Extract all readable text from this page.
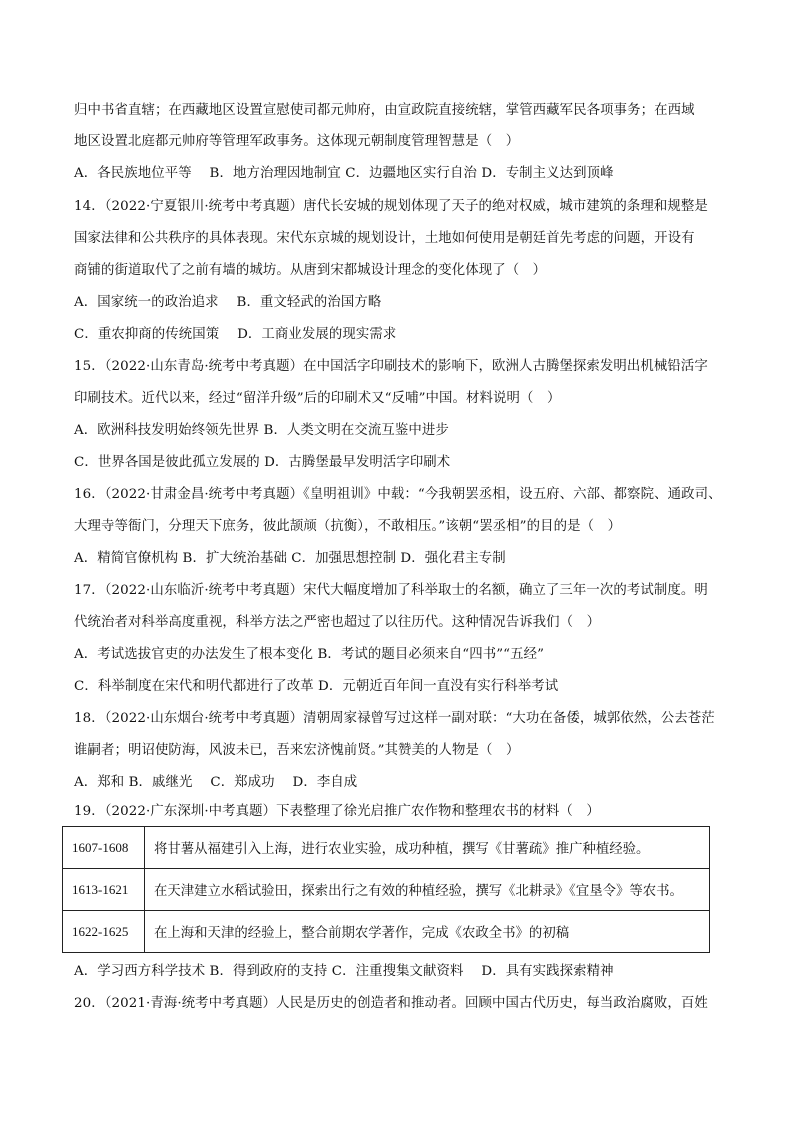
归中书省直辖；在西藏地区设置宣慰使司都元帅府，由宣政院直接统辖，掌管西藏军民各项事务；在西域
地区设置北庭都元帅府等管理军政事务。这体现元朝制度管理智慧是（　）
A．各民族地位平等　 B．地方治理因地制宜 C．边疆地区实行自治 D．专制主义达到顶峰
14．（2022·宁夏银川·统考中考真题）唐代长安城的规划体现了天子的绝对权威，城市建筑的条理和规整是
国家法律和公共秩序的具体表现。宋代东京城的规划设计，土地如何使用是朝廷首先考虑的问题，开设有
商铺的街道取代了之前有墙的城坊。从唐到宋都城设计理念的变化体现了（　）
A．国家统一的政治追求　 B．重文轻武的治国方略
C．重农抑商的传统国策　 D．工商业发展的现实需求
15．（2022·山东青岛·统考中考真题）在中国活字印刷技术的影响下，欧洲人古腾堡探索发明出机械铅活字
印刷技术。近代以来，经过“留洋升级”后的印刷术又“反哺”中国。材料说明（　）
A．欧洲科技发明始终领先世界 B．人类文明在交流互鉴中进步
C．世界各国是彼此孤立发展的 D．古腾堡最早发明活字印刷术
16．（2022·甘肃金昌·统考中考真题）《皇明祖训》中载：“今我朝罢丞相，设五府、六部、都察院、通政司、
大理寺等衙门，分理天下庶务，彼此颉颃（抗衡），不敢相压。”该朝“罢丞相”的目的是（　）
A．精简官僚机构 B．扩大统治基础 C．加强思想控制 D．强化君主专制
17．（2022·山东临沂·统考中考真题）宋代大幅度增加了科举取士的名额，确立了三年一次的考试制度。明
代统治者对科举高度重视，科举方法之严密也超过了以往历代。这种情况告诉我们（　）
A．考试选拔官吏的办法发生了根本变化 B．考试的题目必须来自“四书”“五经”
C．科举制度在宋代和明代都进行了改革 D．元朝近百年间一直没有实行科举考试
18．（2022·山东烟台·统考中考真题）清朝周家禄曾写过这样一副对联：“大功在备倭，城郭依然，公去苍茫
谁嗣者；明诏使防海，风波未已，吾来宏济愧前贤。”其赞美的人物是（　）
A．郑和 B．戚继光　 C．郑成功　 D．李自成
19．（2022·广东深圳·中考真题）下表整理了徐光启推广农作物和整理农书的材料（　）
1607-1608	将甘薯从福建引入上海，进行农业实验，成功种植，撰写《甘薯疏》推广种植经验。
1613-1621	在天津建立水稻试验田，探索出行之有效的种植经验，撰写《北耕录》《宜垦令》等农书。
1622-1625	在上海和天津的经验上，整合前期农学著作，完成《农政全书》的初稿
A．学习西方科学技术 B．得到政府的支持 C．注重搜集文献资料　 D．具有实践探索精神
20．（2021·青海·统考中考真题）人民是历史的创造者和推动者。回顾中国古代历史，每当政治腐败，百姓
